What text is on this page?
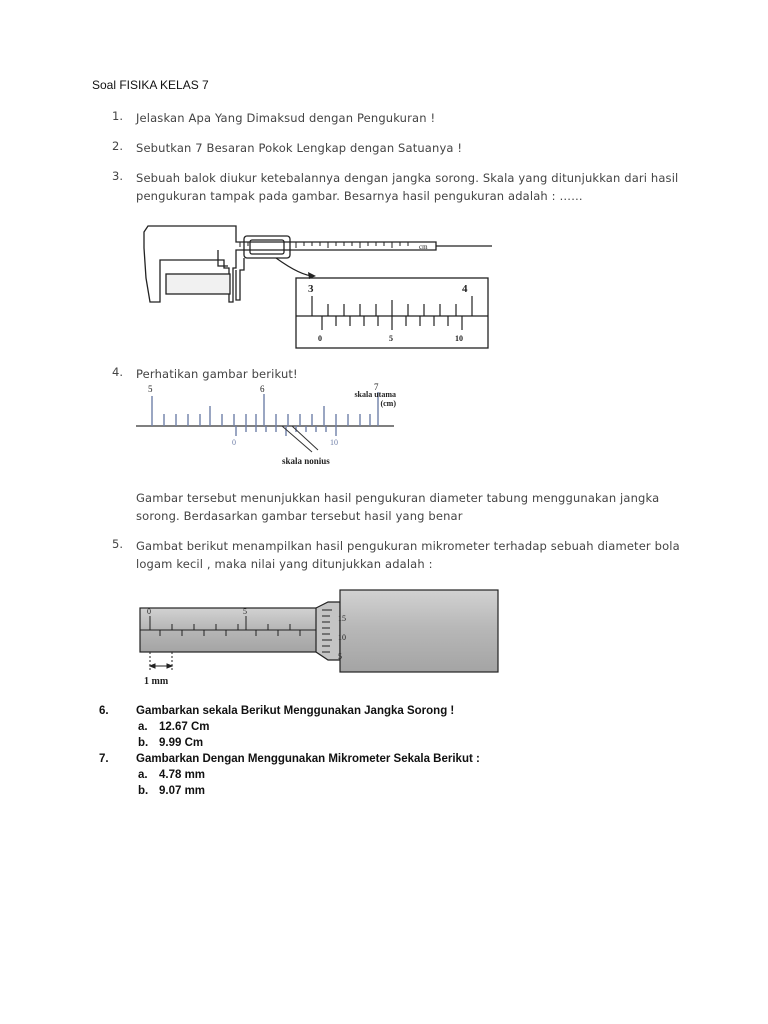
Soal FISIKA KELAS 7
1. Jelaskan Apa Yang Dimaksud dengan Pengukuran !
2. Sebutkan 7 Besaran Pokok Lengkap dengan Satuanya !
3. Sebuah balok diukur ketebalannya dengan jangka sorong. Skala yang ditunjukkan dari hasil
pengukuran tampak pada gambar. Besarnya hasil pengukuran adalah : ……
cm
3	4
0	5	10
4. Perhatikan gambar berikut!
5	6	7
0	10
skala utama
(cm)
skala nonius
Gambar tersebut menunjukkan hasil pengukuran diameter tabung menggunakan jangka
sorong. Berdasarkan gambar tersebut hasil yang benar
5. Gambat berikut menampilkan hasil pengukuran mikrometer terhadap sebuah diameter bola
logam kecil , maka nilai yang ditunjukkan adalah :
0	5
15
10
5
1 mm
6. Gambarkan sekala Berikut Menggunakan Jangka Sorong !
a. 12.67 Cm
b. 9.99 Cm
7. Gambarkan Dengan Menggunakan Mikrometer Sekala Berikut :
a. 4.78 mm
b. 9.07 mm
